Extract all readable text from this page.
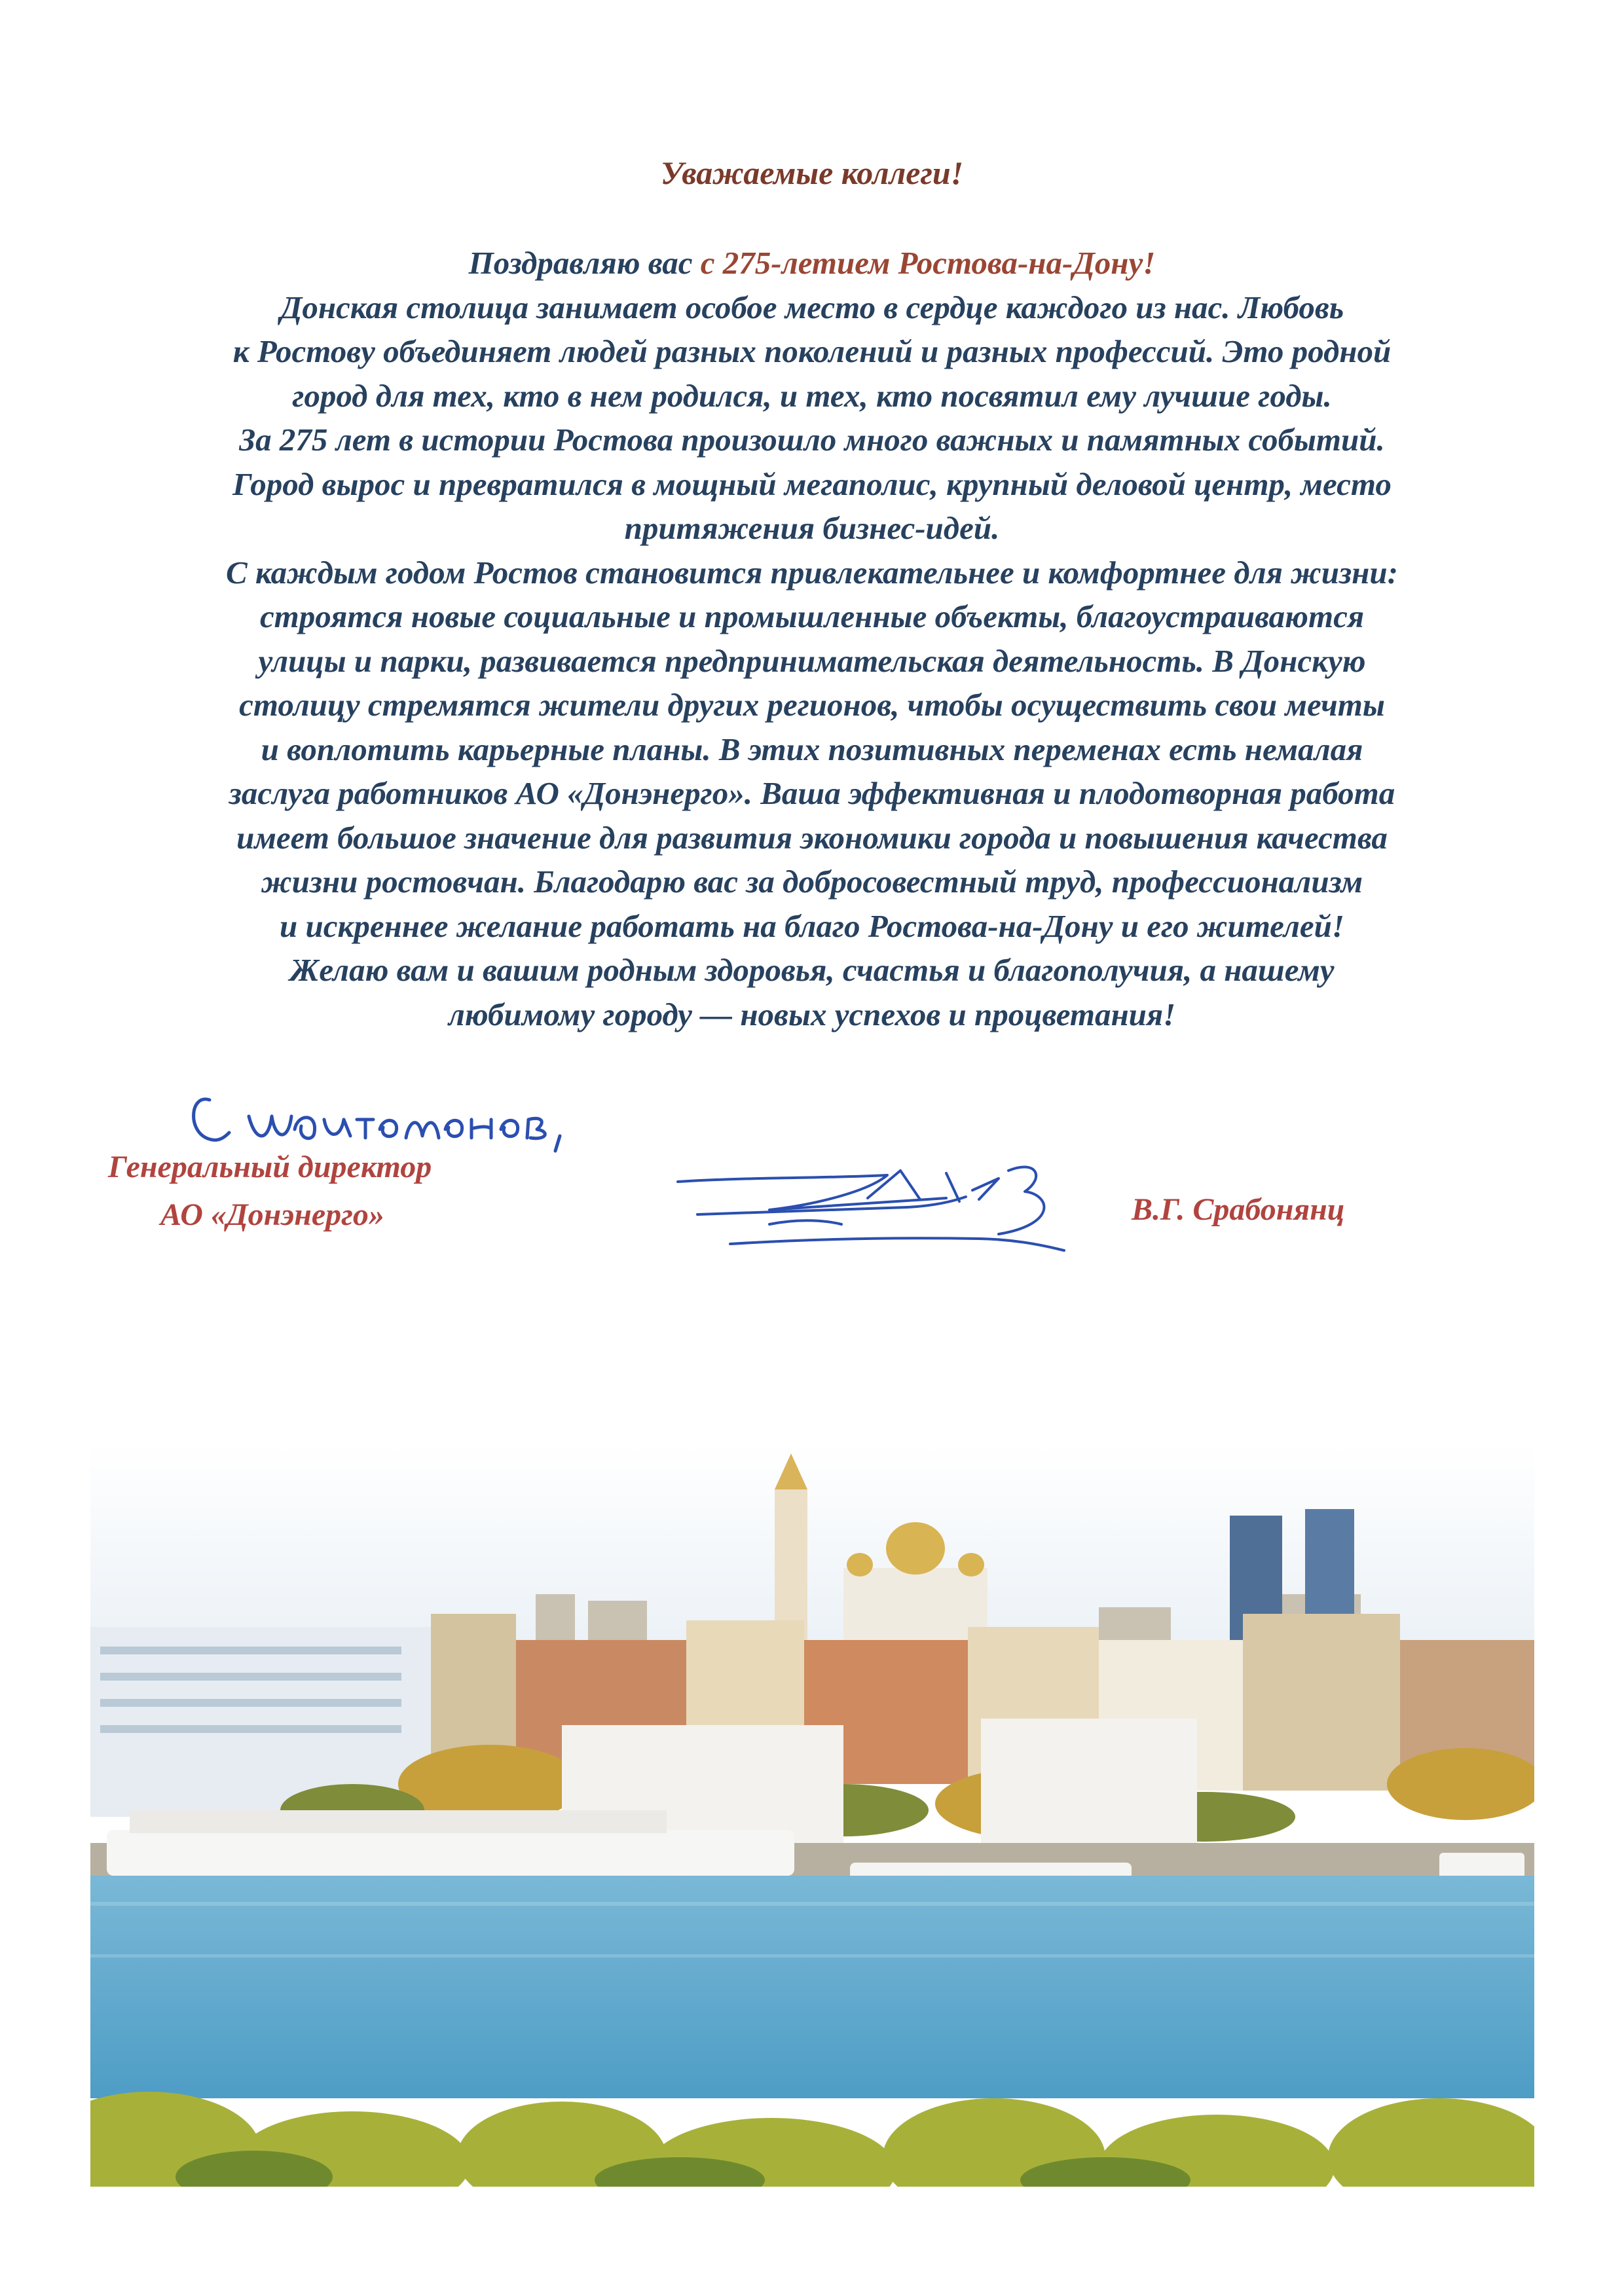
Уважаемые коллеги!

Поздравляю вас с 275-летием Ростова-на-Дону!
Донская столица занимает особое место в сердце каждого из нас. Любовь
к Ростову объединяет людей разных поколений и разных профессий. Это родной
город для тех, кто в нем родился, и тех, кто посвятил ему лучшие годы.
За 275 лет в истории Ростова произошло много важных и памятных событий.
Город вырос и превратился в мощный мегаполис, крупный деловой центр, место
притяжения бизнес-идей.
С каждым годом Ростов становится привлекательнее и комфортнее для жизни:
строятся новые социальные и промышленные объекты, благоустраиваются
улицы и парки, развивается предпринимательская деятельность. В Донскую
столицу стремятся жители других регионов, чтобы осуществить свои мечты
и воплотить карьерные планы. В этих позитивных переменах есть немалая
заслуга работников АО «Донэнерго». Ваша эффективная и плодотворная работа
имеет большое значение для развития экономики города и повышения качества
жизни ростовчан. Благодарю вас за добросовестный труд, профессионализм
и искреннее желание работать на благо Ростова-на-Дону и его жителей!
Желаю вам и вашим родным здоровья, счастья и благополучия, а нашему
любимому городу — новых успехов и процветания!
Генеральный директор
АО «Донэнерго»	В.Г. Срабонянц
